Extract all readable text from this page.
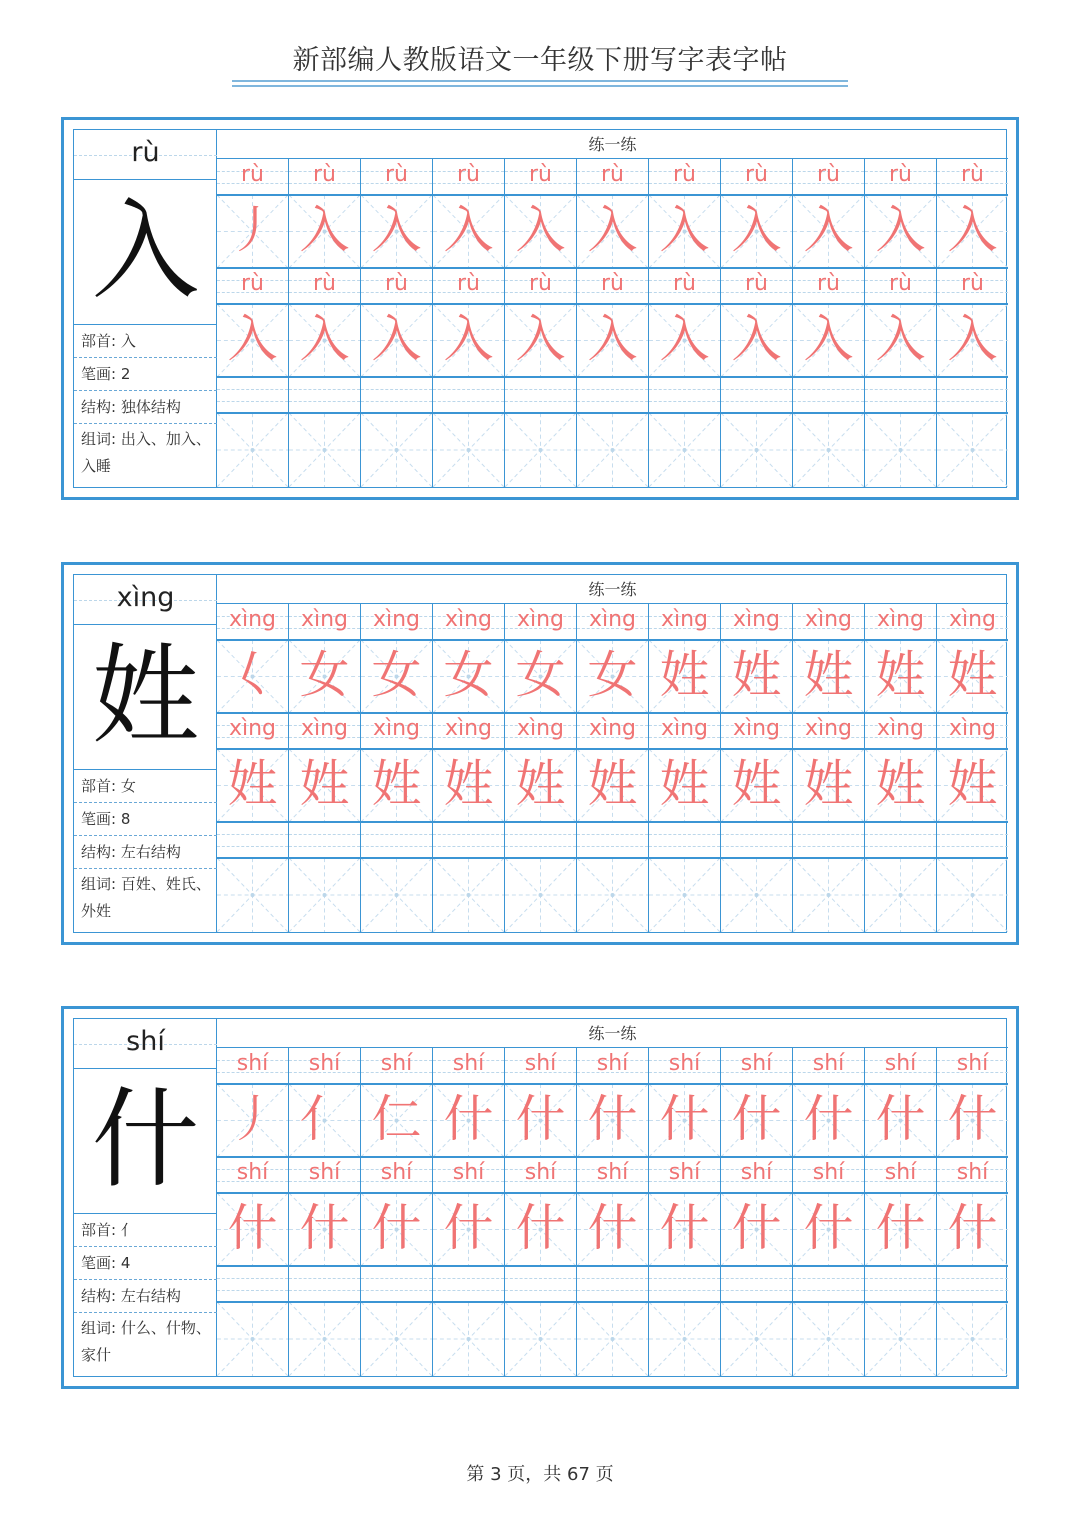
新部编人教版语文一年级下册写字表字帖
rù
入
部首: 入
笔画: 2
结构: 独体结构
组词: 出入、加入、入睡
练一练
rù	rù	rù	rù	rù	rù	rù	rù	rù	rù	rù
丿 入 入 入 入 入 入 入 入 入 入
rù	rù	rù	rù	rù	rù	rù	rù	rù	rù	rù
入 入 入 入 入 入 入 入 入 入 入
xìng
姓
部首: 女
笔画: 8
结构: 左右结构
组词: 百姓、姓氏、外姓
练一练
xìng	xìng	xìng	xìng	xìng	xìng	xìng	xìng	xìng	xìng	xìng
𡿨 女 女 女 女 女 姓 姓 姓 姓 姓
xìng	xìng	xìng	xìng	xìng	xìng	xìng	xìng	xìng	xìng	xìng
姓 姓 姓 姓 姓 姓 姓 姓 姓 姓 姓
shí
什
部首: 亻
笔画: 4
结构: 左右结构
组词: 什么、什物、家什
练一练
shí	shí	shí	shí	shí	shí	shí	shí	shí	shí	shí
丿 亻 仁 什 什 什 什 什 什 什 什
shí	shí	shí	shí	shí	shí	shí	shí	shí	shí	shí
什 什 什 什 什 什 什 什 什 什 什
第 3 页，共 67 页
